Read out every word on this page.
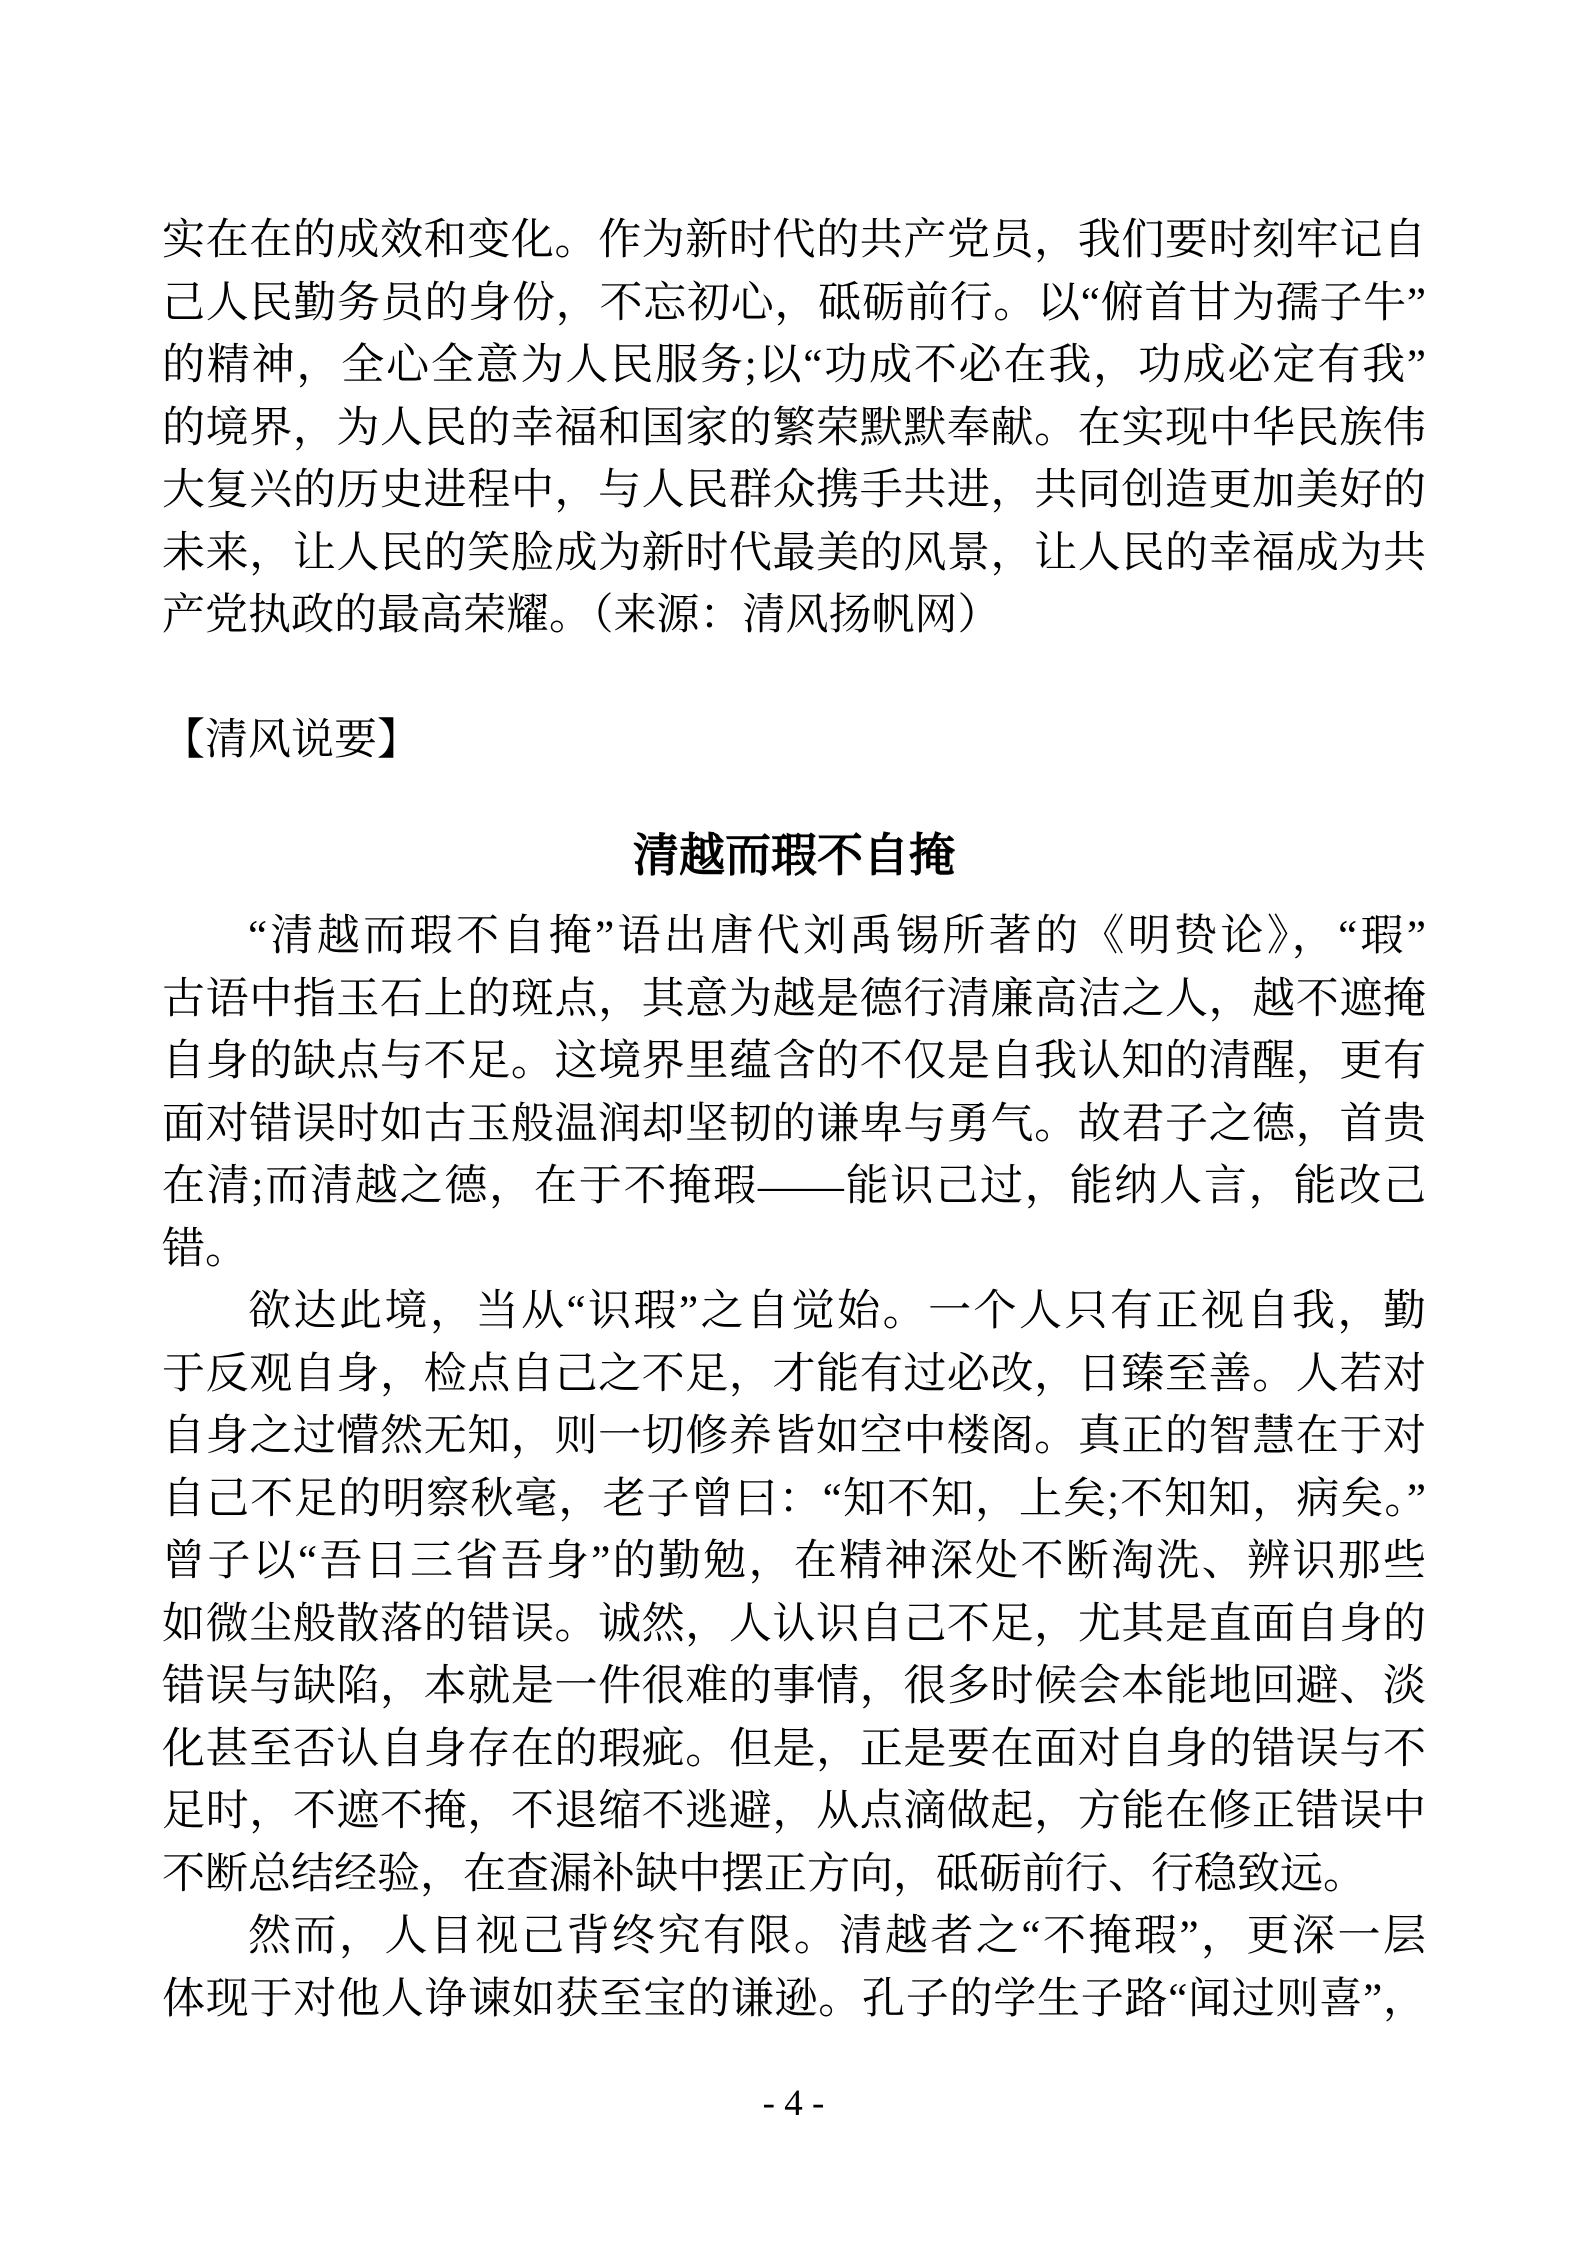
实在在的成效和变化。作为新时代的共产党员，我们要时刻牢记自
己人民勤务员的身份，不忘初心，砥砺前行。以“俯首甘为孺子牛”
的精神，全心全意为人民服务;以“功成不必在我，功成必定有我”
的境界，为人民的幸福和国家的繁荣默默奉献。在实现中华民族伟
大复兴的历史进程中，与人民群众携手共进，共同创造更加美好的
未来，让人民的笑脸成为新时代最美的风景，让人民的幸福成为共
产党执政的最高荣耀。（来源：清风扬帆网）
【清风说要】
清越而瑕不自掩
“清越而瑕不自掩”语出唐代刘禹锡所著的《明贽论》，“瑕”
古语中指玉石上的斑点，其意为越是德行清廉高洁之人，越不遮掩
自身的缺点与不足。这境界里蕴含的不仅是自我认知的清醒，更有
面对错误时如古玉般温润却坚韧的谦卑与勇气。故君子之德，首贵
在清;而清越之德，在于不掩瑕——能识己过，能纳人言，能改己
错。
欲达此境，当从“识瑕”之自觉始。一个人只有正视自我，勤
于反观自身，检点自己之不足，才能有过必改，日臻至善。人若对
自身之过懵然无知，则一切修养皆如空中楼阁。真正的智慧在于对
自己不足的明察秋毫，老子曾曰：“知不知，上矣;不知知，病矣。”
曾子以“吾日三省吾身”的勤勉，在精神深处不断淘洗、辨识那些
如微尘般散落的错误。诚然，人认识自己不足，尤其是直面自身的
错误与缺陷，本就是一件很难的事情，很多时候会本能地回避、淡
化甚至否认自身存在的瑕疵。但是，正是要在面对自身的错误与不
足时，不遮不掩，不退缩不逃避，从点滴做起，方能在修正错误中
不断总结经验，在查漏补缺中摆正方向，砥砺前行、行稳致远。
然而，人目视己背终究有限。清越者之“不掩瑕”，更深一层
体现于对他人诤谏如获至宝的谦逊。孔子的学生子路“闻过则喜”，
- 4 -
